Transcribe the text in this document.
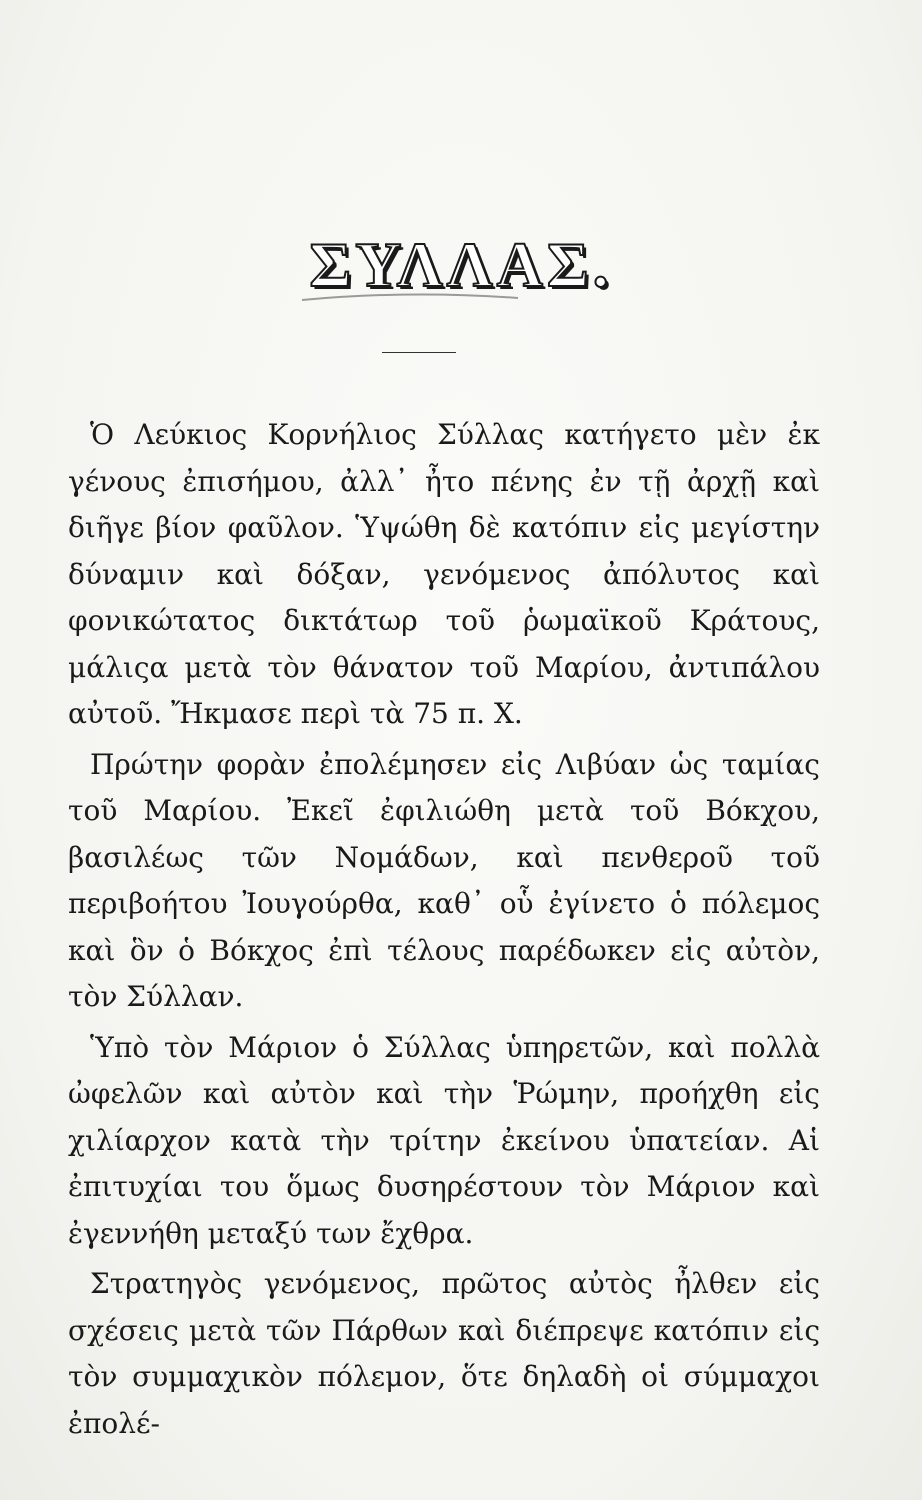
ΣΥΛΛΑΣ.

Ὁ Λεύκιος Κορνήλιος Σύλλας κατήγετο μὲν ἐκ γένους ἐπισήμου, ἀλλ᾽ ἦτο πένης ἐν τῇ ἀρχῇ καὶ διῆγε βίον φαῦλον. Ὑψώθη δὲ κατόπιν εἰς μεγίστην δύναμιν καὶ δόξαν, γενόμενος ἀπόλυτος καὶ φονικώτατος δικτάτωρ τοῦ ῥωμαϊκοῦ Κράτους, μάλιςα μετὰ τὸν θάνατον τοῦ Μαρίου, ἀντιπάλου αὐτοῦ. Ἤκμασε περὶ τὰ 75 π. Χ.

Πρώτην φορὰν ἐπολέμησεν εἰς Λιβύαν ὡς ταμίας τοῦ Μαρίου. Ἐκεῖ ἐφιλιώθη μετὰ τοῦ Βόκχου, βασιλέως τῶν Νομάδων, καὶ πενθεροῦ τοῦ περιβοήτου Ἰουγούρθα, καθ᾽ οὗ ἐγίνετο ὁ πόλεμος καὶ ὃν ὁ Βόκχος ἐπὶ τέλους παρέδωκεν εἰς αὐτὸν, τὸν Σύλλαν.

Ὑπὸ τὸν Μάριον ὁ Σύλλας ὑπηρετῶν, καὶ πολλὰ ὠφελῶν καὶ αὐτὸν καὶ τὴν Ῥώμην, προήχθη εἰς χιλίαρχον κατὰ τὴν τρίτην ἐκείνου ὑπατείαν. Αἱ ἐπιτυχίαι του ὅμως δυσηρέστουν τὸν Μάριον καὶ ἐγεννήθη μεταξύ των ἔχθρα.

Στρατηγὸς γενόμενος, πρῶτος αὐτὸς ἦλθεν εἰς σχέσεις μετὰ τῶν Πάρθων καὶ διέπρεψε κατόπιν εἰς τὸν συμμαχικὸν πόλεμον, ὅτε δηλαδὴ οἱ σύμμαχοι ἐπολέ-
